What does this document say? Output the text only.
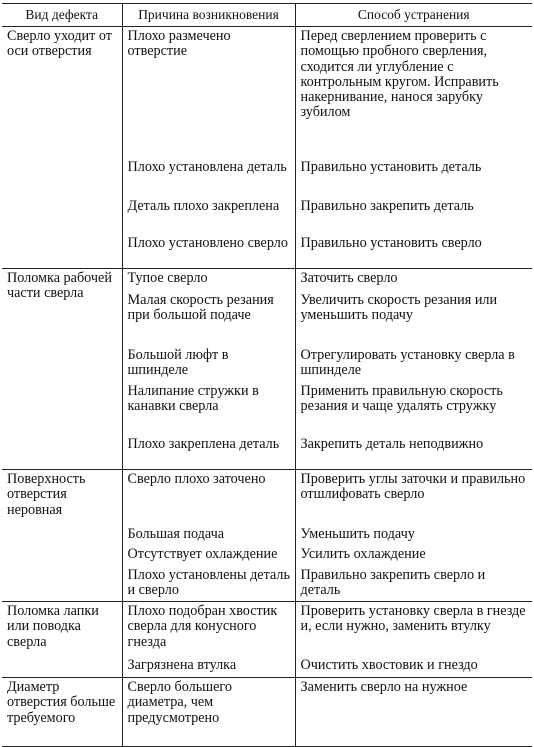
Вид дефекта	Причина возникновения	Способ устранения
Сверло уходит от оси отверстия	Плохо размечено отверстие	Перед сверлением проверить с помощью пробного сверления, сходится ли углубление с контрольным кругом. Исправить накернивание, нанося зарубку зубилом
	Плохо установлена деталь	Правильно установить деталь
	Деталь плохо закреплена	Правильно закрепить деталь
	Плохо установлено сверло	Правильно установить сверло
Поломка рабочей части сверла	Тупое сверло	Заточить сверло
	Малая скорость резания при большой подаче	Увеличить скорость резания или уменьшить подачу
	Большой люфт в шпинделе	Отрегулировать установку сверла в шпинделе
	Налипание стружки в канавки сверла	Применить правильную скорость резания и чаще удалять стружку
	Плохо закреплена деталь	Закрепить деталь неподвижно
Поверхность отверстия неровная	Сверло плохо заточено	Проверить углы заточки и правильно отшлифовать сверло
	Большая подача	Уменьшить подачу
	Отсутствует охлаждение	Усилить охлаждение
	Плохо установлены деталь и сверло	Правильно закрепить сверло и деталь
Поломка лапки или поводка сверла	Плохо подобран хвостик сверла для конусного гнезда	Проверить установку сверла в гнезде и, если нужно, заменить втулку
	Загрязнена втулка	Очистить хвостовик и гнездо
Диаметр отверстия больше требуемого	Сверло большего диаметра, чем предусмотрено	Заменить сверло на нужное
